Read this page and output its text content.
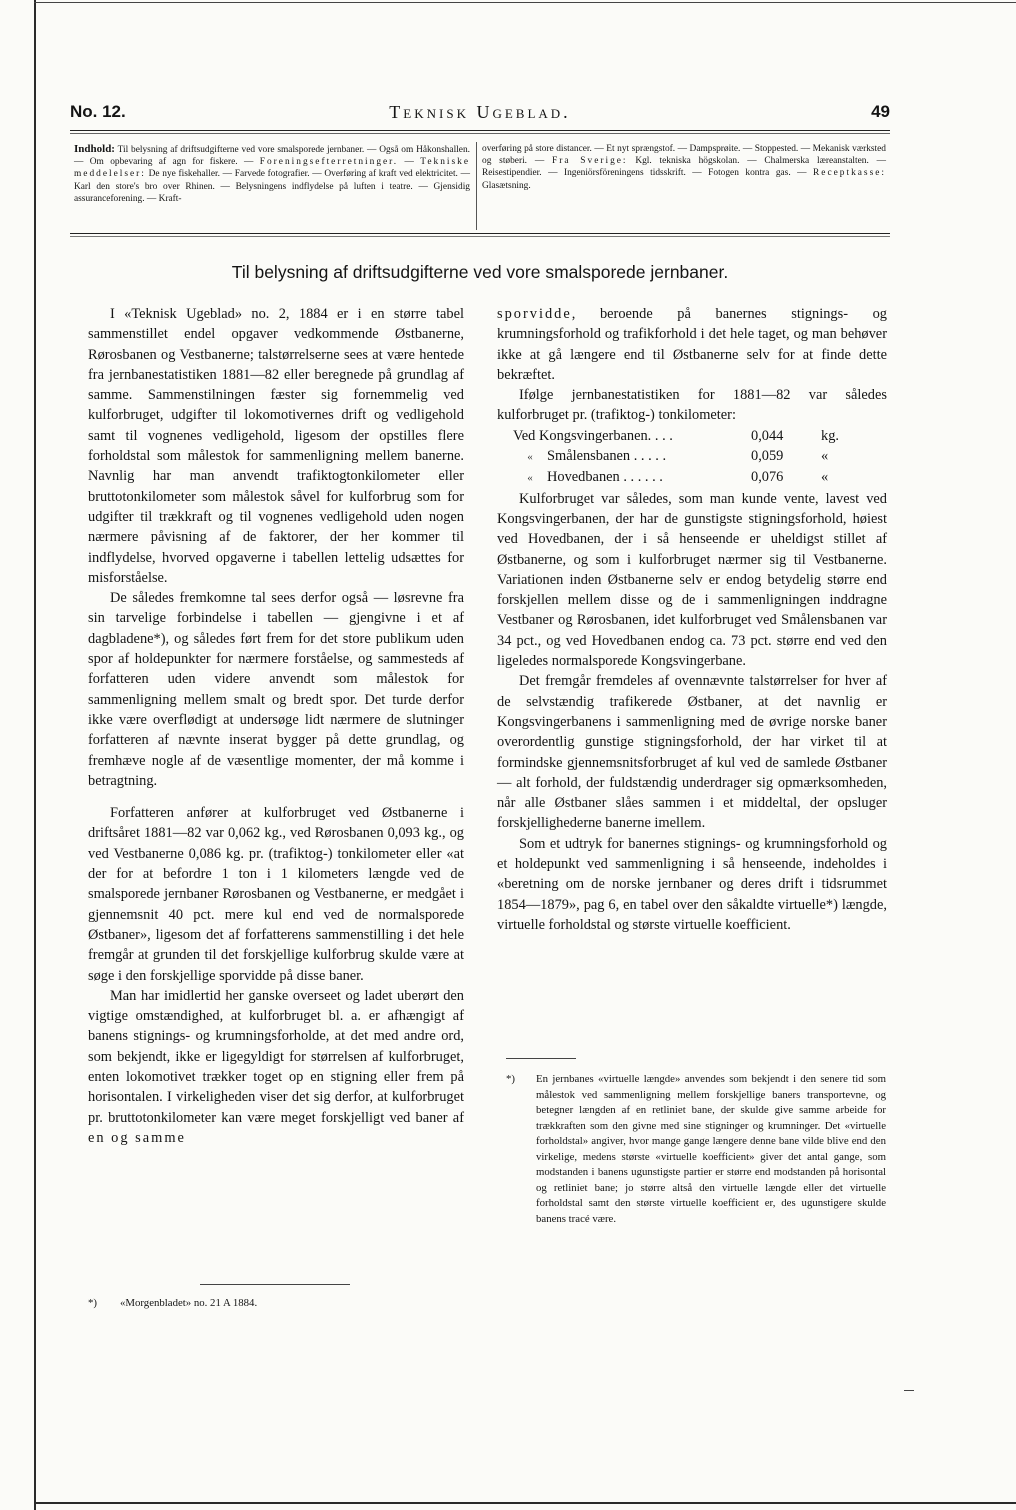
No. 12.	Teknisk Ugeblad.	49
Indhold: Til belysning af driftsudgifterne ved vore smalsporede jernbaner. — Også om Håkonshallen. — Om opbevaring af agn for fiskere. — Foreningsefterretninger. — Tekniske meddelelser: De nye fiskehaller. — Farvede fotografier. — Overføring af kraft ved elektricitet. — Karl den store's bro over Rhinen. — Belysningens indflydelse på luften i teatre. — Gjensidig assuranceforening. — Kraft-
overføring på store distancer. — Et nyt sprængstof. — Dampsprøite. — Stoppested. — Mekanisk værksted og støberi. — Fra Sverige: Kgl. tekniska högskolan. — Chalmerska læreanstalten. — Reisestipendier. — Ingeniörsföreningens tidsskrift. — Fotogen kontra gas. — Receptkasse: Glasætsning.
Til belysning af driftsudgifterne ved vore smalsporede jernbaner.

I «Teknisk Ugeblad» no. 2, 1884 er i en større tabel sammenstillet endel opgaver vedkommende Østbanerne, Rørosbanen og Vestbanerne; talstørrelserne sees at være hentede fra jernbanestatistiken 1881—82 eller beregnede på grundlag af samme. Sammenstilningen fæster sig fornemmelig ved kulforbruget, udgifter til lokomotivernes drift og vedligehold samt til vognenes vedligehold, ligesom der opstilles flere forholdstal som målestok for sammenligning mellem banerne. Navnlig har man anvendt trafiktogtonkilometer eller bruttotonkilometer som målestok såvel for kulforbrug som for udgifter til trækkraft og til vognenes vedligehold uden nogen nærmere påvisning af de faktorer, der her kommer til indflydelse, hvorved opgaverne i tabellen lettelig udsættes for misforståelse.

De således fremkomne tal sees derfor også — løsrevne fra sin tarvelige forbindelse i tabellen — gjengivne i et af dagbladene*), og således ført frem for det store publikum uden spor af holdepunkter for nærmere forståelse, og sammesteds af forfatteren uden videre anvendt som målestok for sammenligning mellem smalt og bredt spor. Det turde derfor ikke være overflødigt at undersøge lidt nærmere de slutninger forfatteren af nævnte inserat bygger på dette grundlag, og fremhæve nogle af de væsentlige momenter, der må komme i betragtning.

Forfatteren anfører at kulforbruget ved Østbanerne i driftsåret 1881—82 var 0,062 kg., ved Rørosbanen 0,093 kg., og ved Vestbanerne 0,086 kg. pr. (trafiktog-) tonkilometer eller «at der for at befordre 1 ton i 1 kilometers længde ved de smalsporede jernbaner Rørosbanen og Vestbanerne, er medgået i gjennemsnit 40 pct. mere kul end ved de normalsporede Østbaner», ligesom det af forfatterens sammenstilling i det hele fremgår at grunden til det forskjellige kulforbrug skulde være at søge i den forskjellige sporvidde på disse baner.

Man har imidlertid her ganske overseet og ladet uberørt den vigtige omstændighed, at kulforbruget bl. a. er afhængigt af banens stignings- og krumningsforholde, at det med andre ord, som bekjendt, ikke er ligegyldigt for størrelsen af kulforbruget, enten lokomotivet trækker toget op en stigning eller frem på horisontalen. I virkeligheden viser det sig derfor, at kulforbruget pr. bruttotonkilometer kan være meget forskjelligt ved baner af en og samme

sporvidde, beroende på banernes stignings- og krumningsforhold og trafikforhold i det hele taget, og man behøver ikke at gå længere end til Østbanerne selv for at finde dette bekræftet.

Ifølge jernbanestatistiken for 1881—82 var således kulforbruget pr. (trafiktog-) tonkilometer:

Ved Kongsvingerbanen. . . .	0,044	kg.
« Smålensbanen . . . . .	0,059	«
« Hovedbanen . . . . . .	0,076	«

Kulforbruget var således, som man kunde vente, lavest ved Kongsvingerbanen, der har de gunstigste stigningsforhold, høiest ved Hovedbanen, der i så henseende er uheldigst stillet af Østbanerne, og som i kulforbruget nærmer sig til Vestbanerne. Variationen inden Østbanerne selv er endog betydelig større end forskjellen mellem disse og de i sammenligningen inddragne Vestbaner og Rørosbanen, idet kulforbruget ved Smålensbanen var 34 pct., og ved Hovedbanen endog ca. 73 pct. større end ved den ligeledes normalsporede Kongsvingerbane.

Det fremgår fremdeles af ovennævnte talstørrelser for hver af de selvstændig trafikerede Østbaner, at det navnlig er Kongsvingerbanens i sammenligning med de øvrige norske baner overordentlig gunstige stigningsforhold, der har virket til at formindske gjennemsnitsforbruget af kul ved de samlede Østbaner — alt forhold, der fuldstændig underdrager sig opmærksomheden, når alle Østbaner slåes sammen i et middeltal, der opsluger forskjellighederne banerne imellem.

Som et udtryk for banernes stignings- og krumningsforhold og et holdepunkt ved sammenligning i så henseende, indeholdes i «beretning om de norske jernbaner og deres drift i tidsrummet 1854—1879», pag 6, en tabel over den såkaldte virtuelle*) længde, virtuelle forholdstal og største virtuelle koefficient.

*) «Morgenbladet» no. 21 A 1884.
*) En jernbanes «virtuelle længde» anvendes som bekjendt i den senere tid som målestok ved sammenligning mellem forskjellige baners transportevne, og betegner længden af en retliniet bane, der skulde give samme arbeide for trækkraften som den givne med sine stigninger og krumninger. Det «virtuelle forholdstal» angiver, hvor mange gange længere denne bane vilde blive end den virkelige, medens største «virtuelle koefficient» giver det antal gange, som modstanden i banens ugunstigste partier er større end modstanden på horisontal og retliniet bane; jo større altså den virtuelle længde eller det virtuelle forholdstal samt den største virtuelle koefficient er, des ugunstigere skulde banens tracé være.
